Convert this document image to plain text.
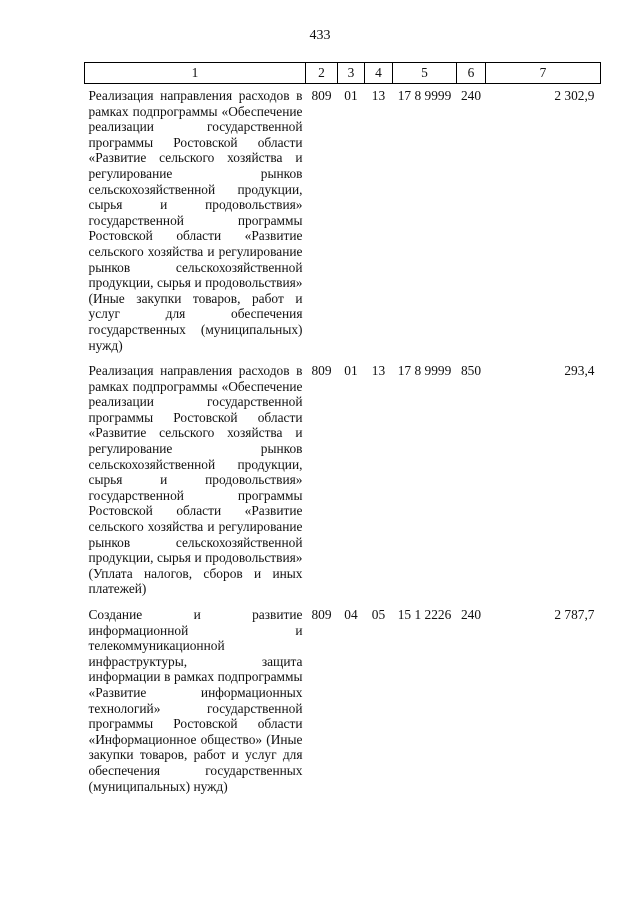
433
1	2	3	4	5	6	7
Реализация направления расходов в рамках подпрограммы «Обеспечение реализации государственной программы Ростовской области «Развитие сельского хозяйства и регулирование рынков сельскохозяйственной продукции, сырья и продовольствия» государственной программы Ростовской области «Развитие сельского хозяйства и регулирование рынков сельскохозяйственной продукции, сырья и продовольствия» (Иные закупки товаров, работ и услуг для обеспечения государственных (муниципальных) нужд)	809	01	13	17 8 9999	240	2 302,9
Реализация направления расходов в рамках подпрограммы «Обеспечение реализации государственной программы Ростовской области «Развитие сельского хозяйства и регулирование рынков сельскохозяйственной продукции, сырья и продовольствия» государственной программы Ростовской области «Развитие сельского хозяйства и регулирование рынков сельскохозяйственной продукции, сырья и продовольствия» (Уплата налогов, сборов и иных платежей)	809	01	13	17 8 9999	850	293,4
Создание и развитие информационной и телекоммуникационной инфраструктуры, защита информации в рамках подпрограммы «Развитие информационных технологий» государственной программы Ростовской области «Информационное общество» (Иные закупки товаров, работ и услуг для обеспечения государственных (муниципальных) нужд)	809	04	05	15 1 2226	240	2 787,7
